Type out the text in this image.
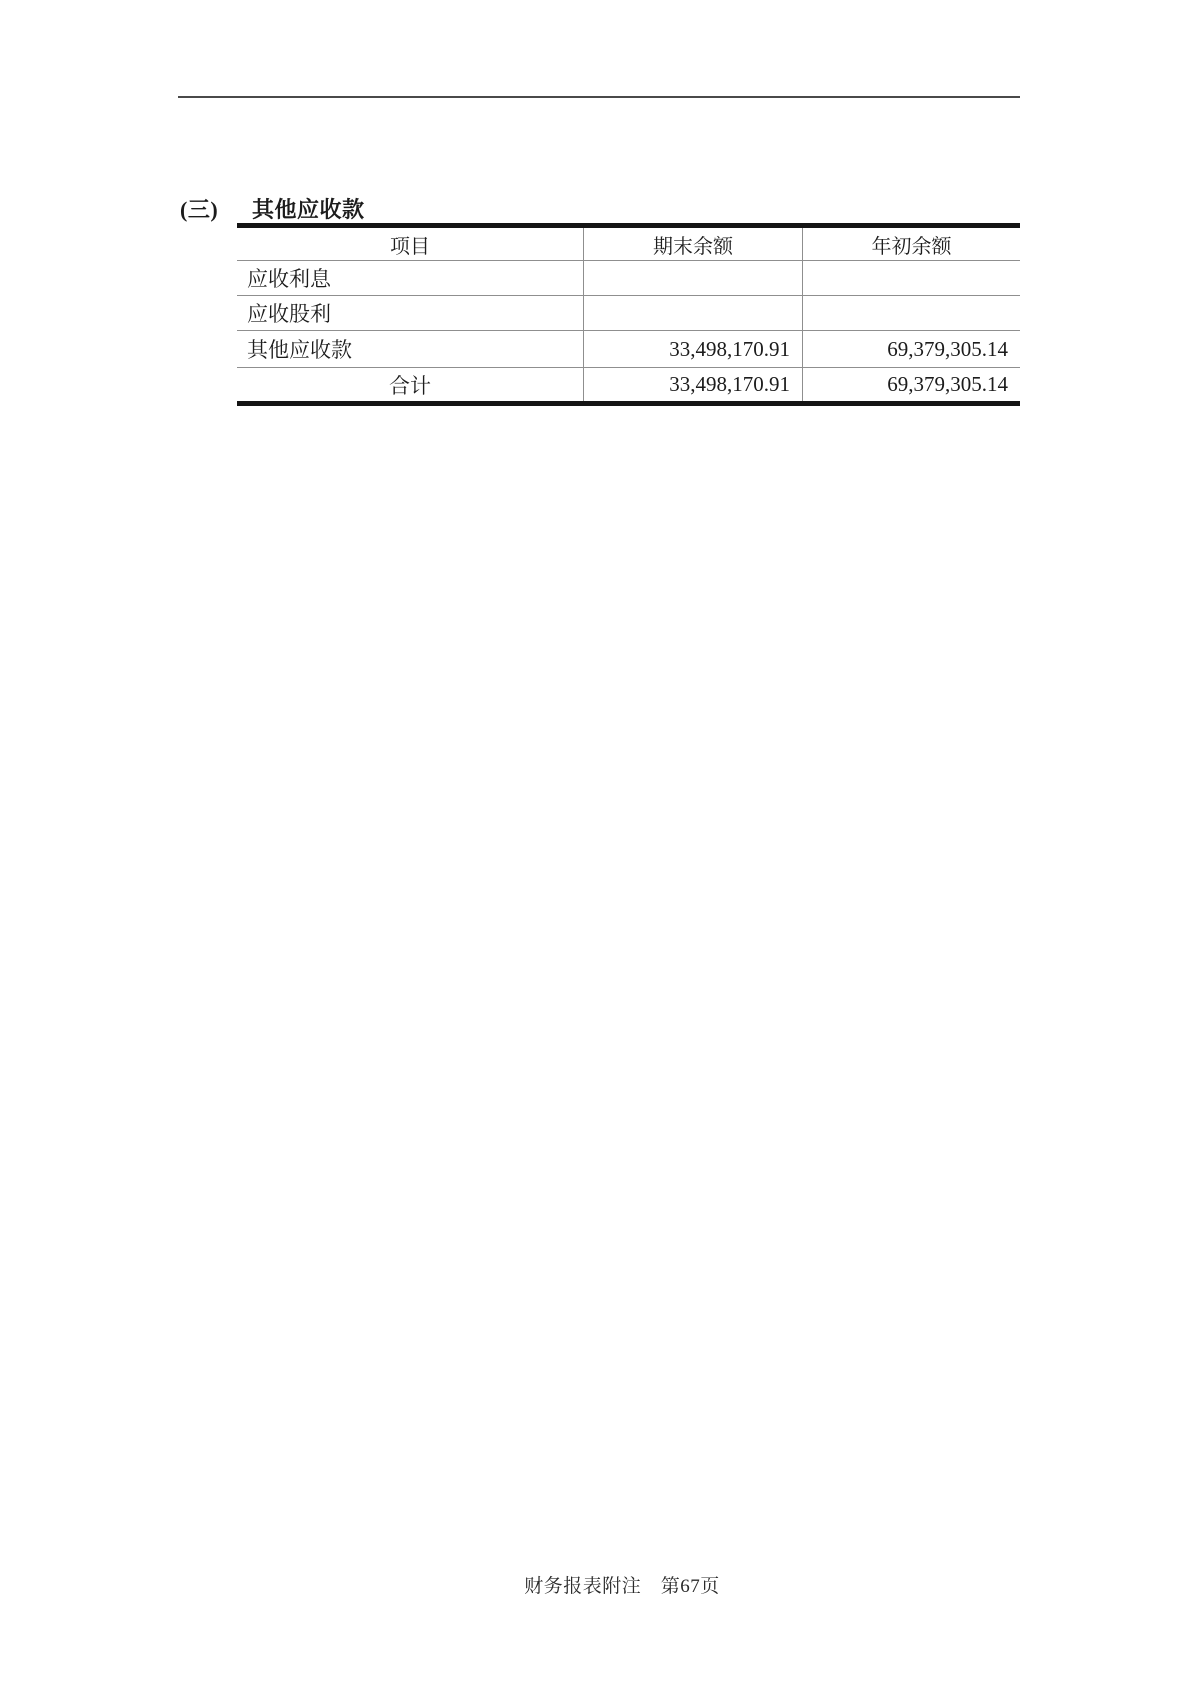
(三)	其他应收款
项目	期末余额	年初余额
应收利息
应收股利
其他应收款	33,498,170.91	69,379,305.14
合计	33,498,170.91	69,379,305.14
财务报表附注　第67页
